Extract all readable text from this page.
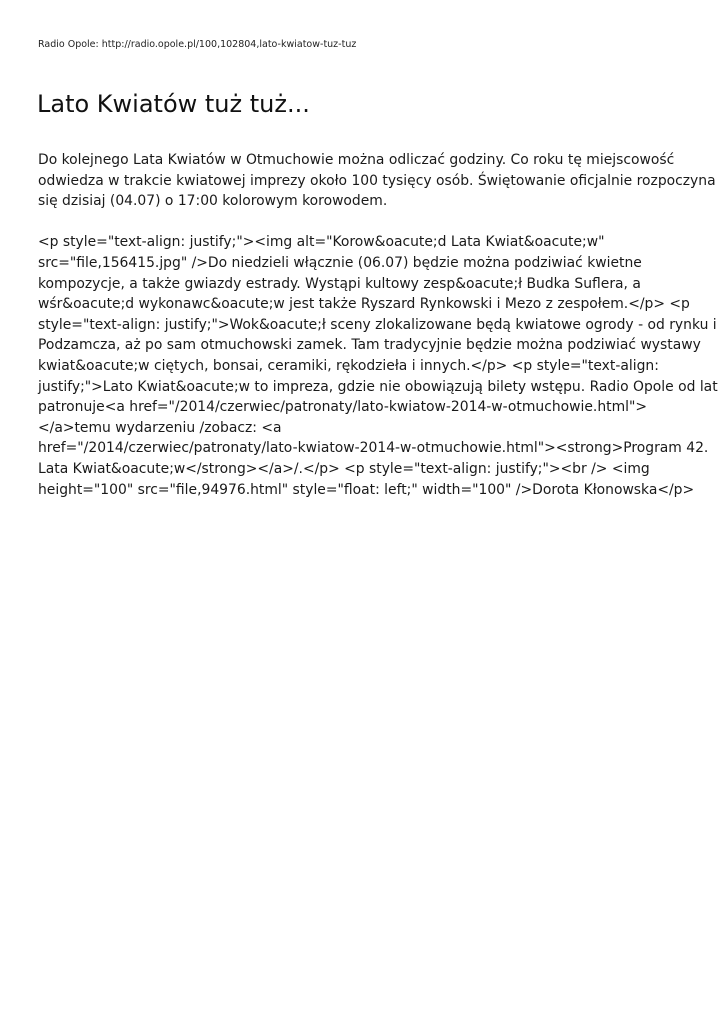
Radio Opole: http://radio.opole.pl/100,102804,lato-kwiatow-tuz-tuz
Lato Kwiatów tuż tuż...
Do kolejnego Lata Kwiatów w Otmuchowie można odliczać godziny. Co roku tę miejscowość
odwiedza w trakcie kwiatowej imprezy około 100 tysięcy osób. Świętowanie oficjalnie rozpoczyna
się dzisiaj (04.07) o 17:00 kolorowym korowodem.
<p style="text-align: justify;"><img alt="Korow&oacute;d Lata Kwiat&oacute;w"
src="file,156415.jpg" />Do niedzieli włącznie (06.07) będzie można podziwiać kwietne
kompozycje, a także gwiazdy estrady. Wystąpi kultowy zesp&oacute;ł Budka Suflera, a
wśr&oacute;d wykonawc&oacute;w jest także Ryszard Rynkowski i Mezo z zespołem.</p> <p
style="text-align: justify;">Wok&oacute;ł sceny zlokalizowane będą kwiatowe ogrody - od rynku i
Podzamcza, aż po sam otmuchowski zamek. Tam tradycyjnie będzie można podziwiać wystawy
kwiat&oacute;w ciętych, bonsai, ceramiki, rękodzieła i innych.</p> <p style="text-align:
justify;">Lato Kwiat&oacute;w to impreza, gdzie nie obowiązują bilety wstępu. Radio Opole od lat
patronuje<a href="/2014/czerwiec/patronaty/lato-kwiatow-2014-w-otmuchowie.html">
</a>temu wydarzeniu /zobacz: <a
href="/2014/czerwiec/patronaty/lato-kwiatow-2014-w-otmuchowie.html"><strong>Program 42.
Lata Kwiat&oacute;w</strong></a>/.</p> <p style="text-align: justify;"><br /> <img
height="100" src="file,94976.html" style="float: left;" width="100" />Dorota Kłonowska</p>
